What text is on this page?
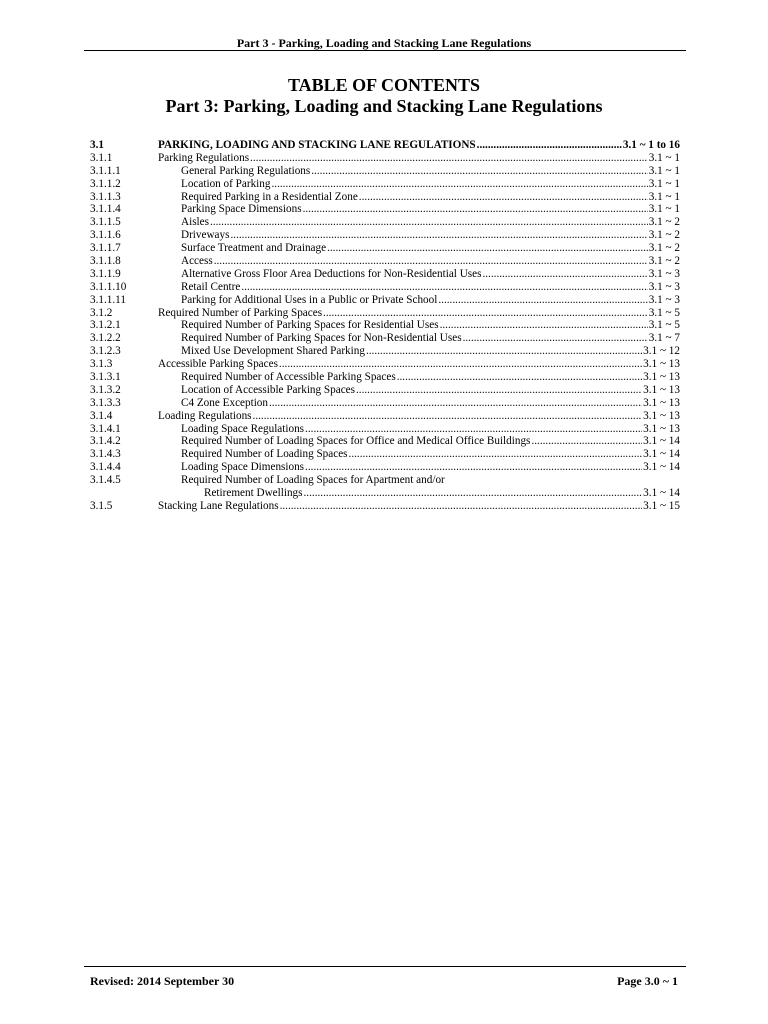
Part 3 - Parking, Loading and Stacking Lane Regulations
TABLE OF CONTENTS
Part 3: Parking, Loading and Stacking Lane Regulations
3.1	PARKING, LOADING AND STACKING LANE REGULATIONS .....	3.1 ~ 1 to 16
3.1.1	Parking Regulations .....	3.1 ~ 1
3.1.1.1	General Parking Regulations .....	3.1 ~ 1
3.1.1.2	Location of Parking .....	3.1 ~ 1
3.1.1.3	Required Parking in a Residential Zone .....	3.1 ~ 1
3.1.1.4	Parking Space Dimensions .....	3.1 ~ 1
3.1.1.5	Aisles .....	3.1 ~ 2
3.1.1.6	Driveways .....	3.1 ~ 2
3.1.1.7	Surface Treatment and Drainage .....	3.1 ~ 2
3.1.1.8	Access .....	3.1 ~ 2
3.1.1.9	Alternative Gross Floor Area Deductions for Non-Residential Uses .....	3.1 ~ 3
3.1.1.10	Retail Centre .....	3.1 ~ 3
3.1.1.11	Parking for Additional Uses in a Public or Private School .....	3.1 ~ 3
3.1.2	Required Number of Parking Spaces .....	3.1 ~ 5
3.1.2.1	Required Number of Parking Spaces for Residential Uses .....	3.1 ~ 5
3.1.2.2	Required Number of Parking Spaces for Non-Residential Uses .....	3.1 ~ 7
3.1.2.3	Mixed Use Development Shared Parking .....	3.1 ~ 12
3.1.3	Accessible Parking Spaces .....	3.1 ~ 13
3.1.3.1	Required Number of Accessible Parking Spaces .....	3.1 ~ 13
3.1.3.2	Location of Accessible Parking Spaces .....	3.1 ~ 13
3.1.3.3	C4 Zone Exception .....	3.1 ~ 13
3.1.4	Loading Regulations .....	3.1 ~ 13
3.1.4.1	Loading Space Regulations .....	3.1 ~ 13
3.1.4.2	Required Number of Loading Spaces for Office and Medical Office Buildings .....	3.1 ~ 14
3.1.4.3	Required Number of Loading Spaces .....	3.1 ~ 14
3.1.4.4	Loading Space Dimensions .....	3.1 ~ 14
3.1.4.5	Required Number of Loading Spaces for Apartment and/or
Retirement Dwellings .....	3.1 ~ 14
3.1.5	Stacking Lane Regulations .....	3.1 ~ 15
Revised: 2014 September 30	Page 3.0 ~ 1
